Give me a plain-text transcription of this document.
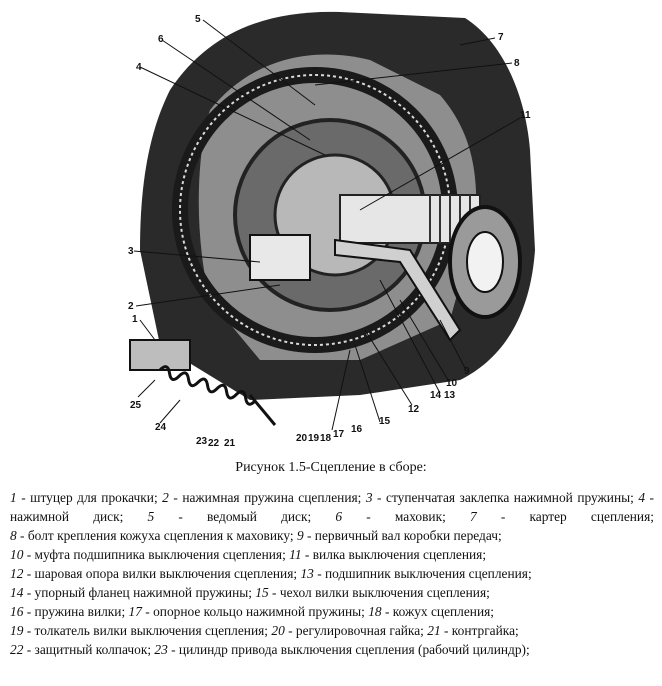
5
6
4
7
8
11
3
2
1
25
24
9
10
14 13
12
15
16
17
18
19
20
21
22
23
Рисунок 1.5-Сцепление в сборе:

1 - штуцер для прокачки; 2 - нажимная пружина сцепления; 3 - ступенчатая заклепка нажимной пружины; 4 - нажимной диск; 5 - ведомый диск; 6 - маховик; 7 - картер сцепления;

8 - болт крепления кожуха сцепления к маховику; 9 - первичный вал коробки передач;

10 - муфта подшипника выключения сцепления; 11 - вилка выключения сцепления;

12 - шаровая опора вилки выключения сцепления; 13 - подшипник выключения сцепления;

14 - упорный фланец нажимной пружины; 15 - чехол вилки выключения сцепления;

16 - пружина вилки; 17 - опорное кольцо нажимной пружины; 18 - кожух сцепления;

19 - толкатель вилки выключения сцепления; 20 - регулировочная гайка; 21 - контргайка;

22 - защитный колпачок; 23 - цилиндр привода выключения сцепления (рабочий цилиндр);
